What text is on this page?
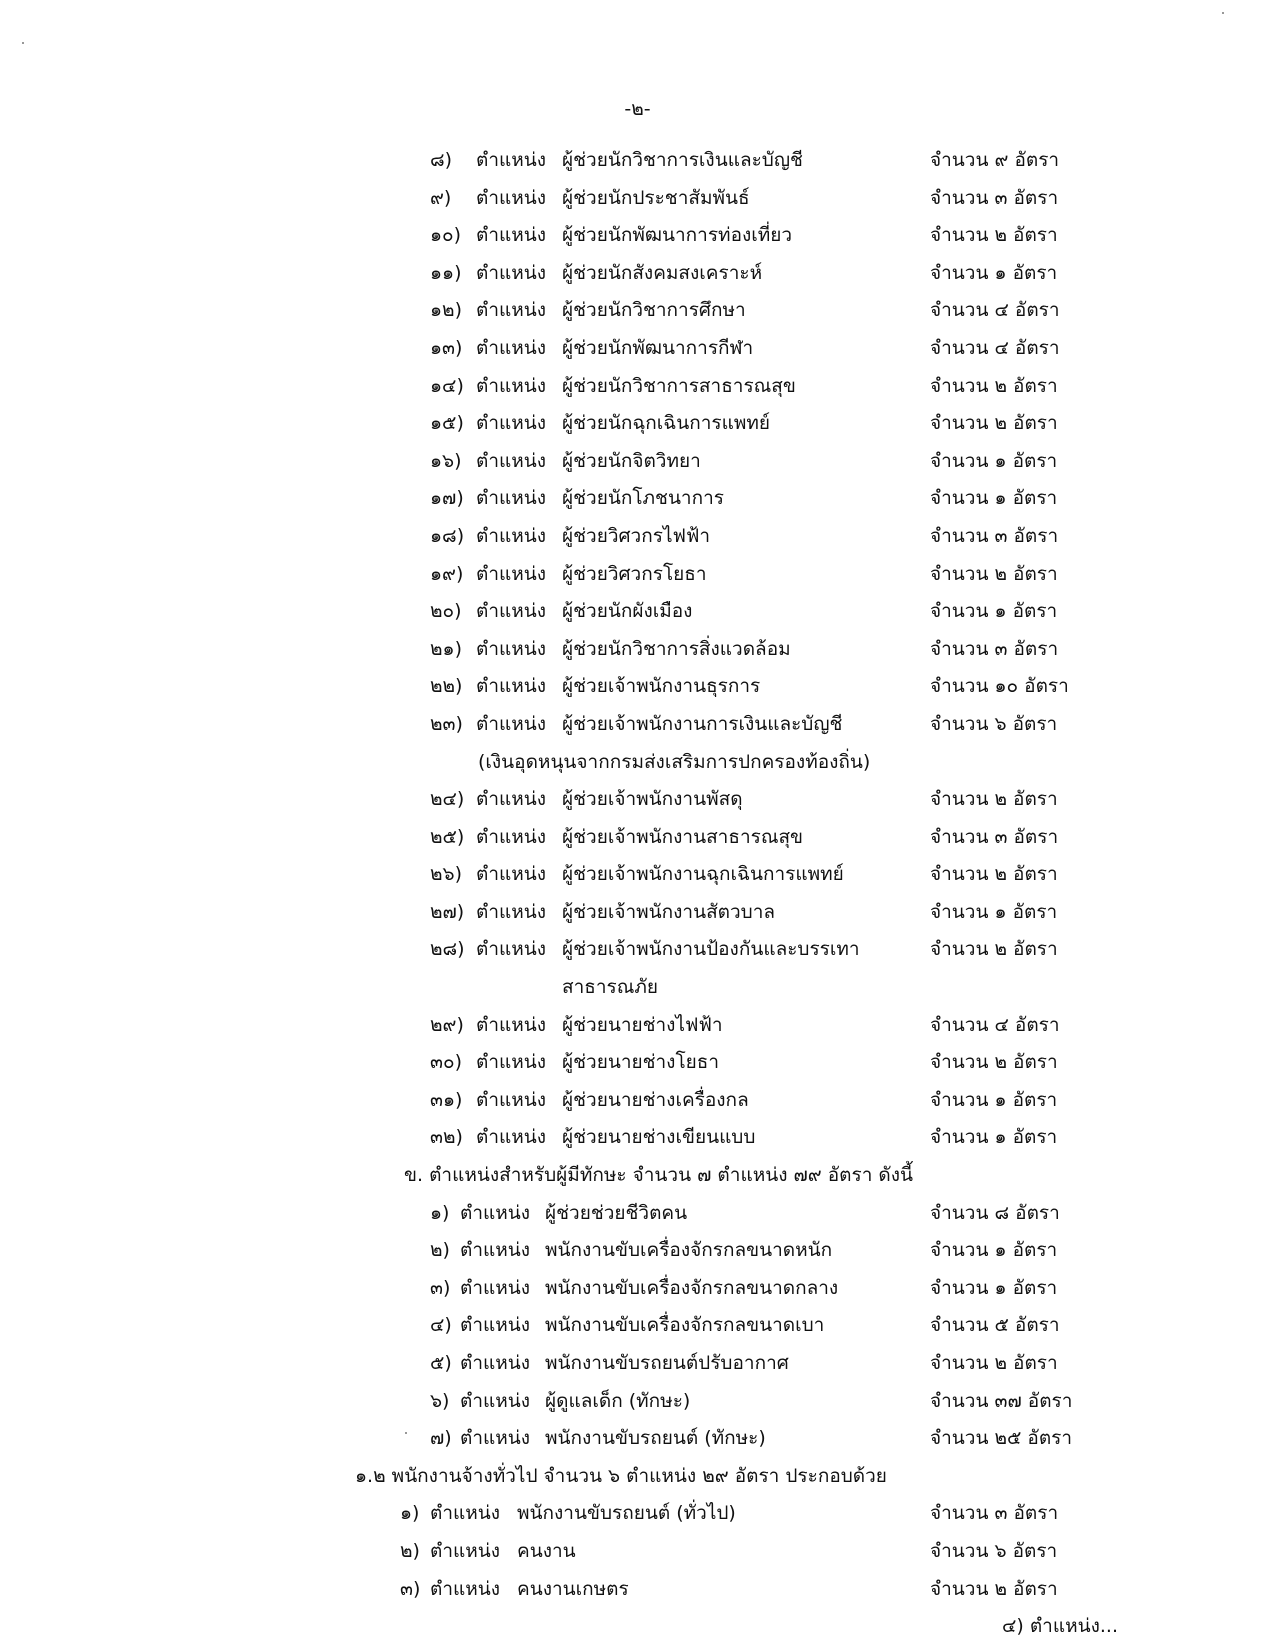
-๒-
๘) ตำแหน่ง ผู้ช่วยนักวิชาการเงินและบัญชี	จำนวน ๙ อัตรา
๙) ตำแหน่ง ผู้ช่วยนักประชาสัมพันธ์	จำนวน ๓ อัตรา
๑๐) ตำแหน่ง ผู้ช่วยนักพัฒนาการท่องเที่ยว	จำนวน ๒ อัตรา
๑๑) ตำแหน่ง ผู้ช่วยนักสังคมสงเคราะห์	จำนวน ๑ อัตรา
๑๒) ตำแหน่ง ผู้ช่วยนักวิชาการศึกษา	จำนวน ๔ อัตรา
๑๓) ตำแหน่ง ผู้ช่วยนักพัฒนาการกีฬา	จำนวน ๔ อัตรา
๑๔) ตำแหน่ง ผู้ช่วยนักวิชาการสาธารณสุข	จำนวน ๒ อัตรา
๑๕) ตำแหน่ง ผู้ช่วยนักฉุกเฉินการแพทย์	จำนวน ๒ อัตรา
๑๖) ตำแหน่ง ผู้ช่วยนักจิตวิทยา	จำนวน ๑ อัตรา
๑๗) ตำแหน่ง ผู้ช่วยนักโภชนาการ	จำนวน ๑ อัตรา
๑๘) ตำแหน่ง ผู้ช่วยวิศวกรไฟฟ้า	จำนวน ๓ อัตรา
๑๙) ตำแหน่ง ผู้ช่วยวิศวกรโยธา	จำนวน ๒ อัตรา
๒๐) ตำแหน่ง ผู้ช่วยนักผังเมือง	จำนวน ๑ อัตรา
๒๑) ตำแหน่ง ผู้ช่วยนักวิชาการสิ่งแวดล้อม	จำนวน ๓ อัตรา
๒๒) ตำแหน่ง ผู้ช่วยเจ้าพนักงานธุรการ	จำนวน ๑๐ อัตรา
๒๓) ตำแหน่ง ผู้ช่วยเจ้าพนักงานการเงินและบัญชี	จำนวน ๖ อัตรา
(เงินอุดหนุนจากกรมส่งเสริมการปกครองท้องถิ่น)
๒๔) ตำแหน่ง ผู้ช่วยเจ้าพนักงานพัสดุ	จำนวน ๒ อัตรา
๒๕) ตำแหน่ง ผู้ช่วยเจ้าพนักงานสาธารณสุข	จำนวน ๓ อัตรา
๒๖) ตำแหน่ง ผู้ช่วยเจ้าพนักงานฉุกเฉินการแพทย์	จำนวน ๒ อัตรา
๒๗) ตำแหน่ง ผู้ช่วยเจ้าพนักงานสัตวบาล	จำนวน ๑ อัตรา
๒๘) ตำแหน่ง ผู้ช่วยเจ้าพนักงานป้องกันและบรรเทา	จำนวน ๒ อัตรา
สาธารณภัย
๒๙) ตำแหน่ง ผู้ช่วยนายช่างไฟฟ้า	จำนวน ๔ อัตรา
๓๐) ตำแหน่ง ผู้ช่วยนายช่างโยธา	จำนวน ๒ อัตรา
๓๑) ตำแหน่ง ผู้ช่วยนายช่างเครื่องกล	จำนวน ๑ อัตรา
๓๒) ตำแหน่ง ผู้ช่วยนายช่างเขียนแบบ	จำนวน ๑ อัตรา
ข. ตำแหน่งสำหรับผู้มีทักษะ จำนวน ๗ ตำแหน่ง ๗๙ อัตรา ดังนี้
๑) ตำแหน่ง ผู้ช่วยช่วยชีวิตคน	จำนวน ๘ อัตรา
๒) ตำแหน่ง พนักงานขับเครื่องจักรกลขนาดหนัก	จำนวน ๑ อัตรา
๓) ตำแหน่ง พนักงานขับเครื่องจักรกลขนาดกลาง	จำนวน ๑ อัตรา
๔) ตำแหน่ง พนักงานขับเครื่องจักรกลขนาดเบา	จำนวน ๕ อัตรา
๕) ตำแหน่ง พนักงานขับรถยนต์ปรับอากาศ	จำนวน ๒ อัตรา
๖) ตำแหน่ง ผู้ดูแลเด็ก (ทักษะ)	จำนวน ๓๗ อัตรา
๗) ตำแหน่ง พนักงานขับรถยนต์ (ทักษะ)	จำนวน ๒๕ อัตรา
๑.๒ พนักงานจ้างทั่วไป จำนวน ๖ ตำแหน่ง ๒๙ อัตรา ประกอบด้วย
๑) ตำแหน่ง พนักงานขับรถยนต์ (ทั่วไป)	จำนวน ๓ อัตรา
๒) ตำแหน่ง คนงาน	จำนวน ๖ อัตรา
๓) ตำแหน่ง คนงานเกษตร	จำนวน ๒ อัตรา
๔) ตำแหน่ง...
